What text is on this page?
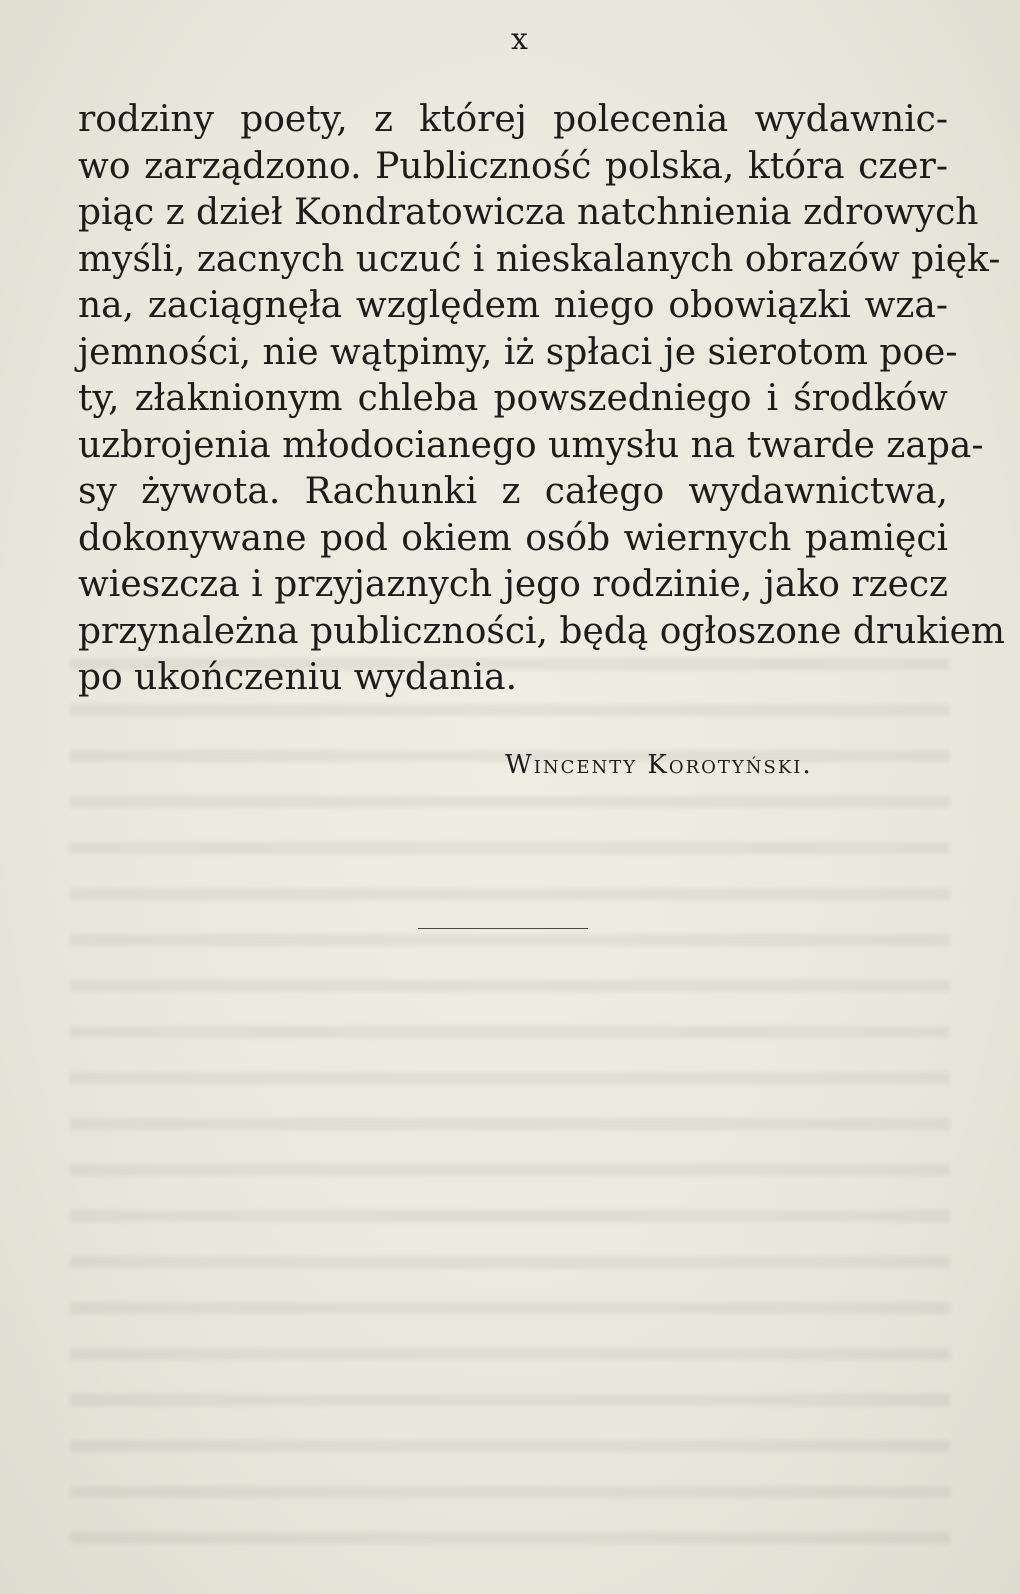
x
rodziny poety, z której polecenia wydawnic-
wo zarządzono. Publiczność polska, która czer-
piąc z dzieł Kondratowicza natchnienia zdrowych
myśli, zacnych uczuć i nieskalanych obrazów pięk-
na, zaciągnęła względem niego obowiązki wza-
jemności, nie wątpimy, iż spłaci je sierotom poe-
ty, złaknionym chleba powszedniego i środków
uzbrojenia młodocianego umysłu na twarde zapa-
sy żywota. Rachunki z całego wydawnictwa,
dokonywane pod okiem osób wiernych pamięci
wieszcza i przyjaznych jego rodzinie, jako rzecz
przynależna publiczności, będą ogłoszone drukiem
po ukończeniu wydania.
Wincenty Korotyński.
